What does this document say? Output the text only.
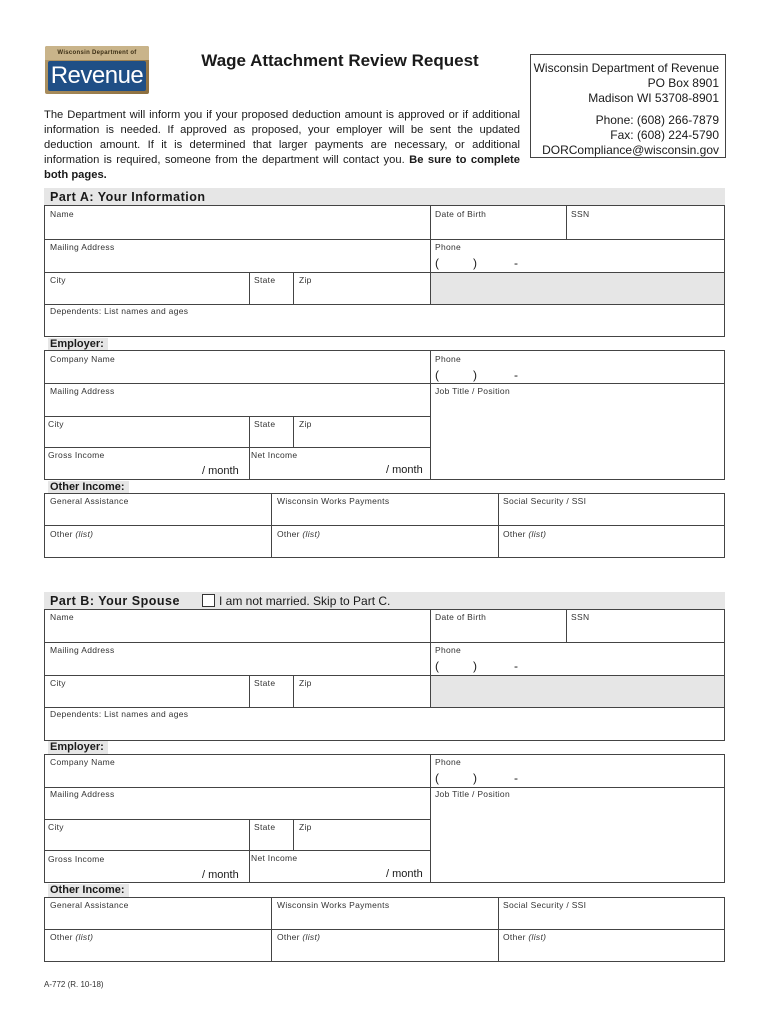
Wisconsin Department of
Revenue
Wage Attachment Review Request	Wisconsin Department of Revenue
PO Box 8901
Madison WI 53708-8901
Phone: (608) 266-7879
Fax: (608) 224-5790
DORCompliance@wisconsin.gov
The Department will inform you if your proposed deduction amount is approved or if additional information is needed. If approved as proposed, your employer will be sent the updated deduction amount. If it is determined that larger payments are necessary, or additional information is required, someone from the department will contact you. Be sure to complete both pages.
Part A: Your Information
Name	Date of Birth	SSN
Mailing Address	Phone
(	)	-
City	State	Zip
Dependents: List names and ages
Employer:
Company Name	Phone
(	)	-
Mailing Address	Job Title / Position
City	State	Zip
Gross Income	Net Income
/ month	/ month
Other Income:
General Assistance	Wisconsin Works Payments	Social Security / SSI
Other (list)	Other (list)	Other (list)
Part B: Your Spouse	I am not married. Skip to Part C.
Name	Date of Birth	SSN
Mailing Address	Phone
(	)	-
City	State	Zip
Dependents: List names and ages
Employer:
Company Name	Phone
(	)	-
Mailing Address	Job Title / Position
City	State	Zip
Gross Income	Net Income
/ month	/ month
Other Income:
General Assistance	Wisconsin Works Payments	Social Security / SSI
Other (list)	Other (list)	Other (list)
A-772 (R. 10-18)
